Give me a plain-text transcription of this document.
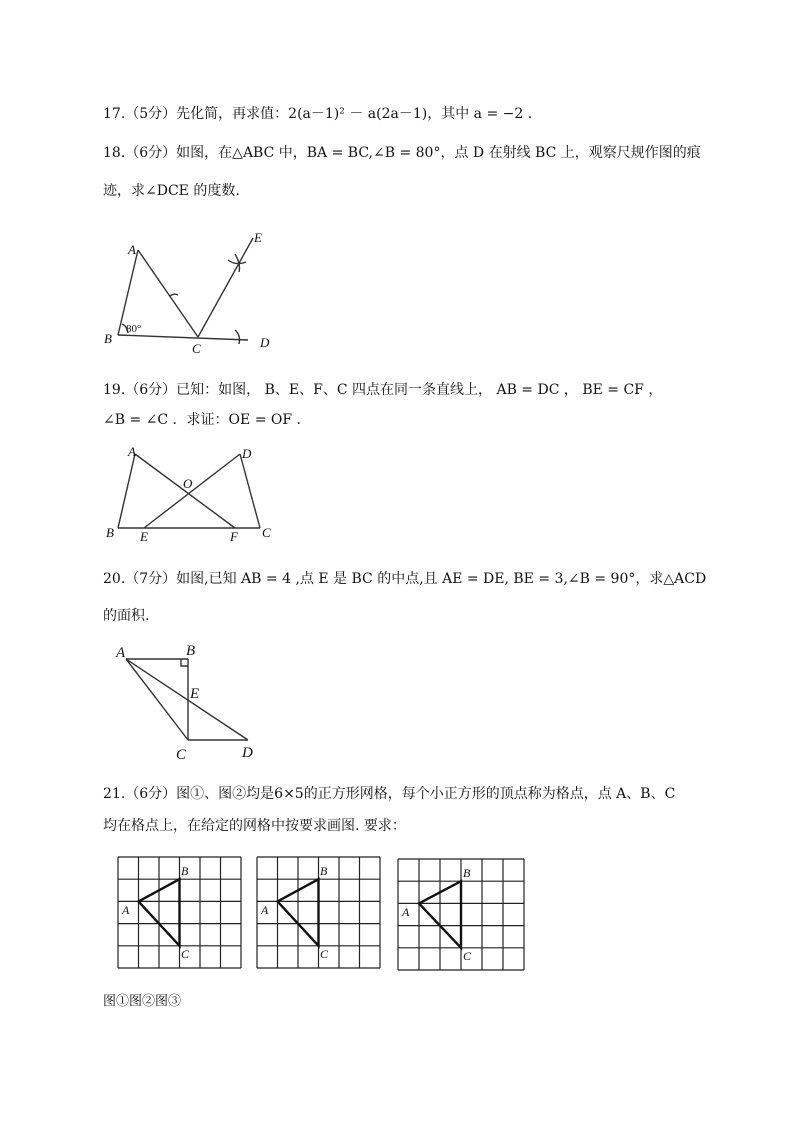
17.（5分）先化简，再求值：2(a－1)² － a(2a－1)，其中 a = −2 .
18.（6分）如图，在△ABC 中，BA = BC,∠B = 80°，点 D 在射线 BC 上，观察尺规作图的痕
迹，求∠DCE 的度数.
A
B
C	D
E
80°
19.（6分）已知：如图， B、E、F、C 四点在同一条直线上， AB = DC ， BE = CF ，
∠B = ∠C ．求证：OE = OF ．
A	D
O
B E	F C
20.（7分）如图,已知 AB = 4 ,点 E 是 BC 的中点,且 AE = DE, BE = 3,∠B = 90°，求△ACD
的面积.
A	B
E
C	D
21.（6分）图①、图②均是6×5的正方形网格，每个小正方形的顶点称为格点，点 A、B、C
均在格点上，在给定的网格中按要求画图. 要求：
A
B
C
A
B
C
A
B
C
图①图②图③
